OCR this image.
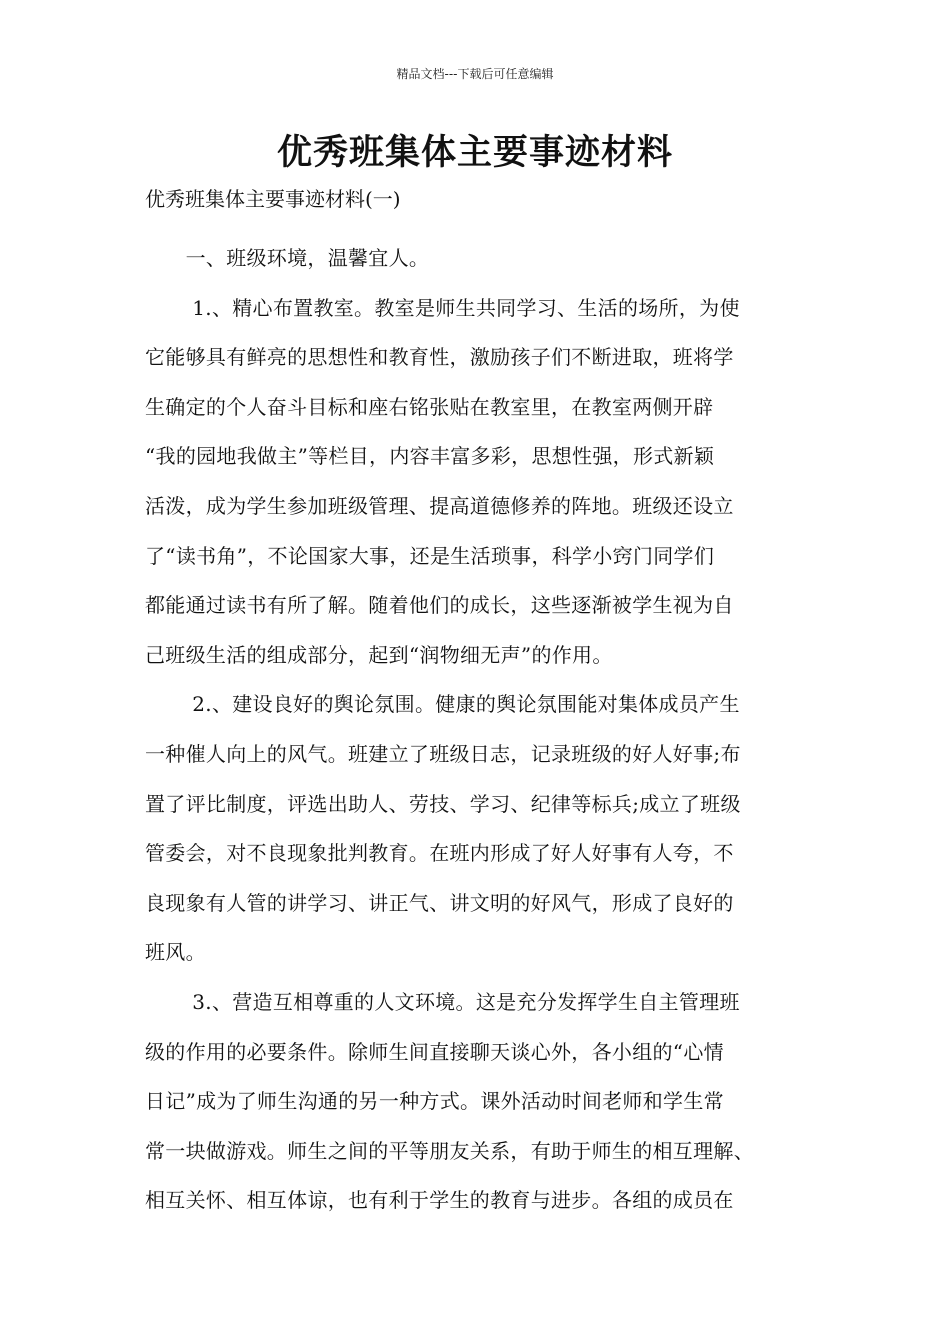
精品文档---下载后可任意编辑
优秀班集体主要事迹材料
优秀班集体主要事迹材料(一)
　　一、班级环境，温馨宜人。
　　 1.、精心布置教室。教室是师生共同学习、生活的场所，为使
它能够具有鲜亮的思想性和教育性，激励孩子们不断进取，班将学
生确定的个人奋斗目标和座右铭张贴在教室里，在教室两侧开辟
“我的园地我做主”等栏目，内容丰富多彩，思想性强，形式新颖
活泼，成为学生参加班级管理、提高道德修养的阵地。班级还设立
了“读书角”，不论国家大事，还是生活琐事，科学小窍门同学们
都能通过读书有所了解。随着他们的成长，这些逐渐被学生视为自
己班级生活的组成部分，起到“润物细无声”的作用。
　　 2.、建设良好的舆论氛围。健康的舆论氛围能对集体成员产生
一种催人向上的风气。班建立了班级日志，记录班级的好人好事;布
置了评比制度，评选出助人、劳技、学习、纪律等标兵;成立了班级
管委会，对不良现象批判教育。在班内形成了好人好事有人夸，不
良现象有人管的讲学习、讲正气、讲文明的好风气，形成了良好的
班风。
　　 3.、营造互相尊重的人文环境。这是充分发挥学生自主管理班
级的作用的必要条件。除师生间直接聊天谈心外，各小组的“心情
日记”成为了师生沟通的另一种方式。课外活动时间老师和学生常
常一块做游戏。师生之间的平等朋友关系，有助于师生的相互理解、
相互关怀、相互体谅，也有利于学生的教育与进步。各组的成员在
